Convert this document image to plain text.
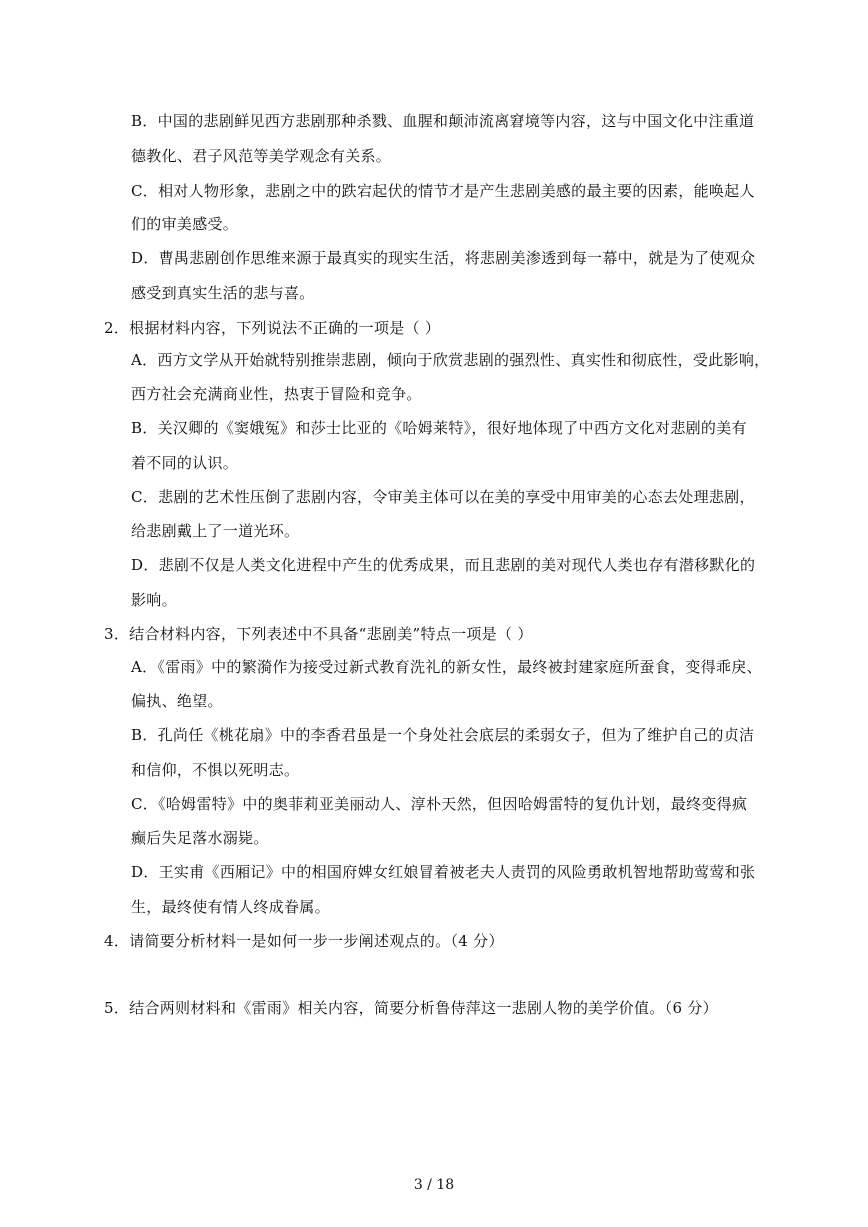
B．中国的悲剧鲜见西方悲剧那种杀戮、血腥和颠沛流离窘境等内容，这与中国文化中注重道
德教化、君子风范等美学观念有关系。
C．相对人物形象，悲剧之中的跌宕起伏的情节才是产生悲剧美感的最主要的因素，能唤起人
们的审美感受。
D．曹禺悲剧创作思维来源于最真实的现实生活，将悲剧美渗透到每一幕中，就是为了使观众
感受到真实生活的悲与喜。
2．根据材料内容，下列说法不正确的一项是（ ）
A．西方文学从开始就特别推崇悲剧，倾向于欣赏悲剧的强烈性、真实性和彻底性，受此影响，
西方社会充满商业性，热衷于冒险和竞争。
B．关汉卿的《窦娥冤》和莎士比亚的《哈姆莱特》，很好地体现了中西方文化对悲剧的美有
着不同的认识。
C．悲剧的艺术性压倒了悲剧内容，令审美主体可以在美的享受中用审美的心态去处理悲剧，
给悲剧戴上了一道光环。
D．悲剧不仅是人类文化进程中产生的优秀成果，而且悲剧的美对现代人类也存有潜移默化的
影响。
3．结合材料内容，下列表述中不具备“悲剧美”特点一项是（ ）
A．《雷雨》中的繁漪作为接受过新式教育洗礼的新女性，最终被封建家庭所蚕食，变得乖戾、
偏执、绝望。
B．孔尚任《桃花扇》中的李香君虽是一个身处社会底层的柔弱女子，但为了维护自己的贞洁
和信仰，不惧以死明志。
C．《哈姆雷特》中的奥菲莉亚美丽动人、淳朴天然，但因哈姆雷特的复仇计划，最终变得疯
癫后失足落水溺毙。
D．王实甫《西厢记》中的相国府婢女红娘冒着被老夫人责罚的风险勇敢机智地帮助莺莺和张
生，最终使有情人终成眷属。
4．请简要分析材料一是如何一步一步阐述观点的。（4 分）
5．结合两则材料和《雷雨》相关内容，简要分析鲁侍萍这一悲剧人物的美学价值。（6 分）
3 / 18
